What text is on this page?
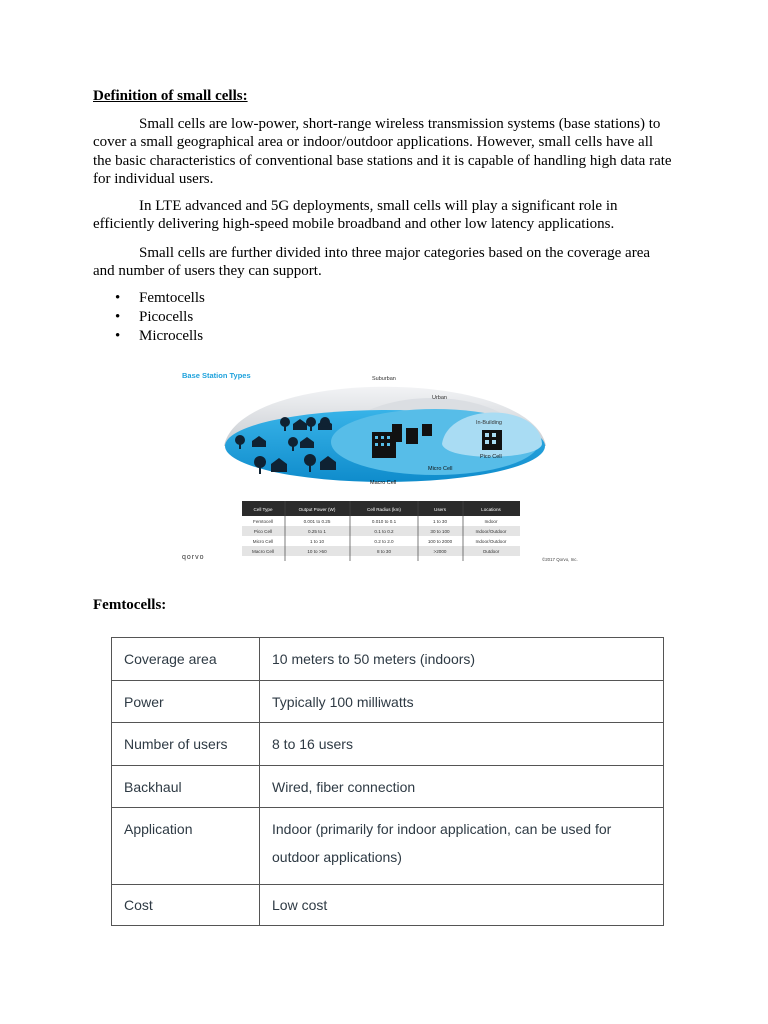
Definition of small cells:
Small cells are low-power, short-range wireless transmission systems (base stations) to cover a small geographical area or indoor/outdoor applications. However, small cells have all the basic characteristics of conventional base stations and it is capable of handling high data rate for individual users.
In LTE advanced and 5G deployments, small cells will play a significant role in efficiently delivering high-speed mobile broadband and other low latency applications.
Small cells are further divided into three major categories based on the coverage area and number of users they can support.
• Femtocells
• Picocells
• Microcells
Base Station Types	Suburban
Urban
In-Building
Pico Cell
Micro Cell
Macro Cell
Cell Type	Output Power (W)	Cell Radius (km)	Users	Locations
Femtocell	0.001 to 0.25	0.010 to 0.1	1 to 30	Indoor
Pico Cell	0.25 to 1	0.1 to 0.2	30 to 100	Indoor/Outdoor
Micro Cell	1 to 10	0.2 to 2.0	100 to 2000	Indoor/Outdoor
Macro Cell	10 to >50	8 to 30	>2000	Outdoor
qorvo	©2017 Qorvo, Inc.
Femtocells:
Coverage area	10 meters to 50 meters (indoors)
Power	Typically 100 milliwatts
Number of users	8 to 16 users
Backhaul	Wired, fiber connection
Application	Indoor (primarily for indoor application, can be used for outdoor applications)
Cost	Low cost
